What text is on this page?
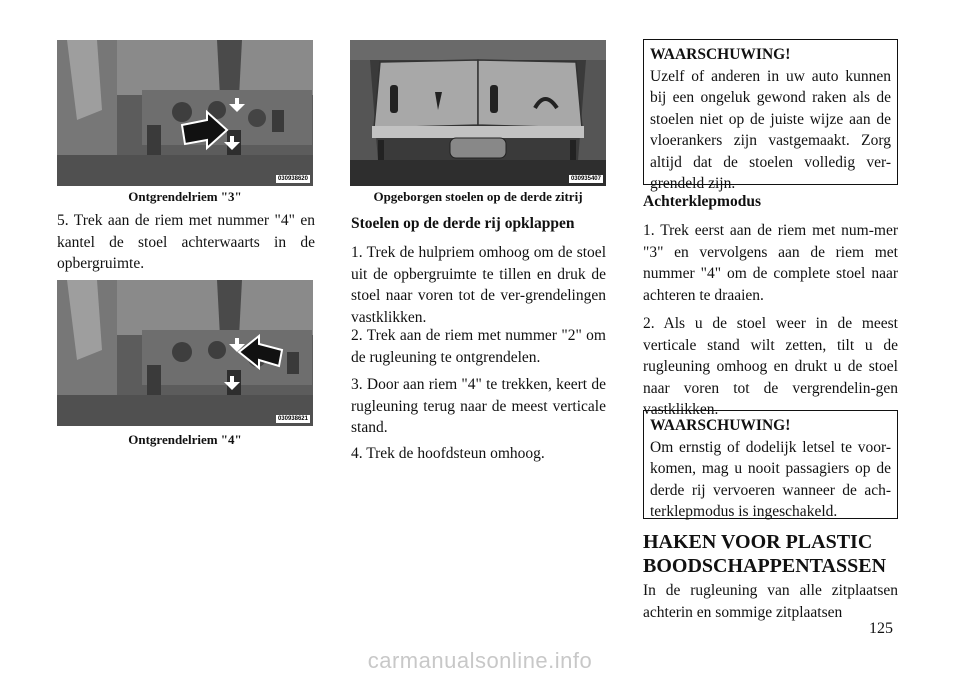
030938620
Ontgrendelriem "3"

5. Trek aan de riem met nummer "4" en kantel de stoel achterwaarts in de opbergruimte.

030938621
Ontgrendelriem "4"
030935407
Opgeborgen stoelen op de derde zitrij
Stoelen op de derde rij opklappen

1. Trek de hulpriem omhoog om de stoel uit de opbergruimte te tillen en druk de stoel naar voren tot de ver-grendelingen vastklikken.

2. Trek aan de riem met nummer "2" om de rugleuning te ontgrendelen.

3. Door aan riem "4" te trekken, keert de rugleuning terug naar de meest verticale stand.

4. Trek de hoofdsteun omhoog.

WAARSCHUWING!
Uzelf of anderen in uw auto kunnen bij een ongeluk gewond raken als de stoelen niet op de juiste wijze aan de vloerankers zijn vastgemaakt. Zorg altijd dat de stoelen volledig ver-grendeld zijn.
Achterklepmodus

1. Trek eerst aan de riem met num-mer "3" en vervolgens aan de riem met nummer "4" om de complete stoel naar achteren te draaien.

2. Als u de stoel weer in de meest verticale stand wilt zetten, tilt u de rugleuning omhoog en drukt u de stoel naar voren tot de vergrendelin-gen vastklikken.

WAARSCHUWING!
Om ernstig of dodelijk letsel te voor-komen, mag u nooit passagiers op de derde rij vervoeren wanneer de ach-terklepmodus is ingeschakeld.
HAKEN VOOR PLASTIC BOODSCHAPPENTASSEN

In de rugleuning van alle zitplaatsen achterin en sommige zitplaatsen

125
carmanualsonline.info
